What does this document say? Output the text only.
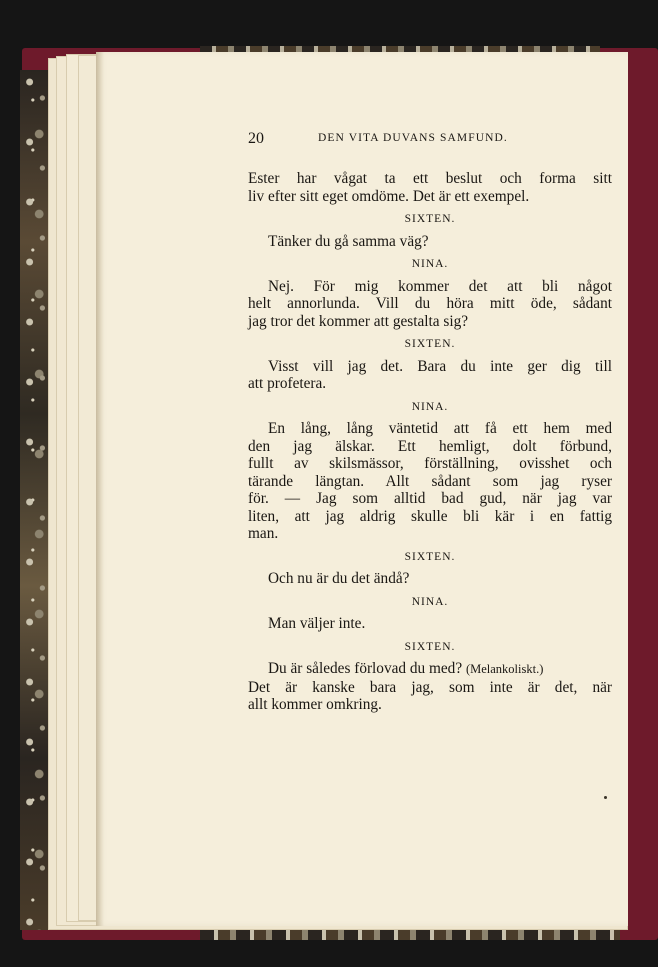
20	DEN VITA DUVANS SAMFUND.
Ester har vågat ta ett beslut och forma sitt
liv efter sitt eget omdöme. Det är ett exempel.
SIXTEN.
Tänker du gå samma väg?
NINA.
Nej. För mig kommer det att bli något
helt annorlunda. Vill du höra mitt öde, sådant
jag tror det kommer att gestalta sig?
SIXTEN.
Visst vill jag det. Bara du inte ger dig till
att profetera.
NINA.
En lång, lång väntetid att få ett hem med
den jag älskar. Ett hemligt, dolt förbund,
fullt av skilsmässor, förställning, ovisshet och
tärande längtan. Allt sådant som jag ryser
för. — Jag som alltid bad gud, när jag var
liten, att jag aldrig skulle bli kär i en fattig
man.
SIXTEN.
Och nu är du det ändå?
NINA.
Man väljer inte.
SIXTEN.
Du är således förlovad du med? (Melankoliskt.)
Det är kanske bara jag, som inte är det, när
allt kommer omkring.
